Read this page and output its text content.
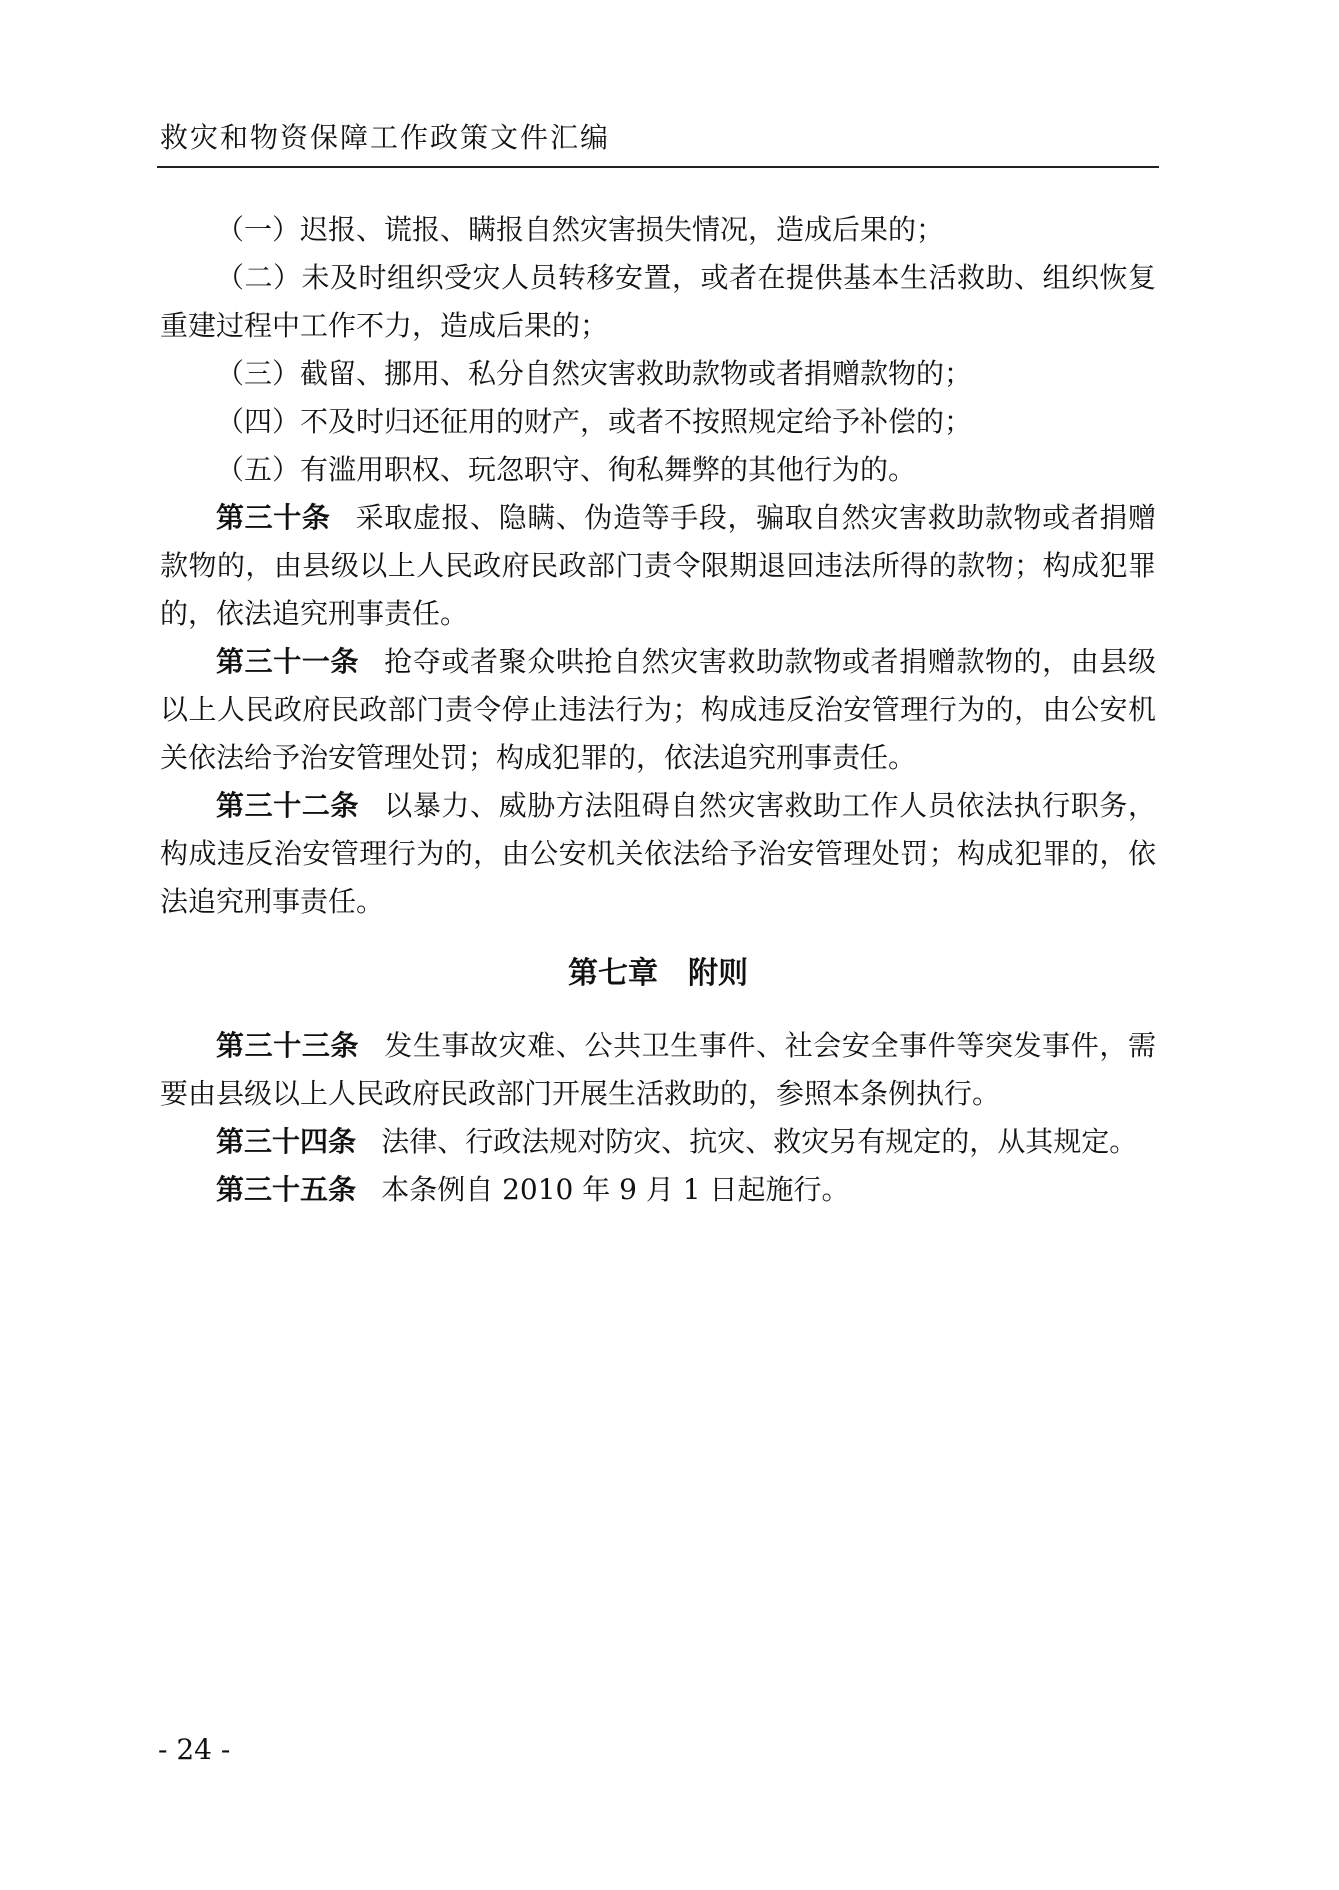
救灾和物资保障工作政策文件汇编

（一）迟报、谎报、瞒报自然灾害损失情况，造成后果的；

（二）未及时组织受灾人员转移安置，或者在提供基本生活救助、组织恢复重建过程中工作不力，造成后果的；

（三）截留、挪用、私分自然灾害救助款物或者捐赠款物的；

（四）不及时归还征用的财产，或者不按照规定给予补偿的；

（五）有滥用职权、玩忽职守、徇私舞弊的其他行为的。

第三十条 采取虚报、隐瞒、伪造等手段，骗取自然灾害救助款物或者捐赠款物的，由县级以上人民政府民政部门责令限期退回违法所得的款物；构成犯罪的，依法追究刑事责任。

第三十一条 抢夺或者聚众哄抢自然灾害救助款物或者捐赠款物的，由县级以上人民政府民政部门责令停止违法行为；构成违反治安管理行为的，由公安机关依法给予治安管理处罚；构成犯罪的，依法追究刑事责任。

第三十二条 以暴力、威胁方法阻碍自然灾害救助工作人员依法执行职务，构成违反治安管理行为的，由公安机关依法给予治安管理处罚；构成犯罪的，依法追究刑事责任。

第七章　附则

第三十三条 发生事故灾难、公共卫生事件、社会安全事件等突发事件，需要由县级以上人民政府民政部门开展生活救助的，参照本条例执行。

第三十四条 法律、行政法规对防灾、抗灾、救灾另有规定的，从其规定。

第三十五条 本条例自 2010 年 9 月 1 日起施行。

- 24 -
